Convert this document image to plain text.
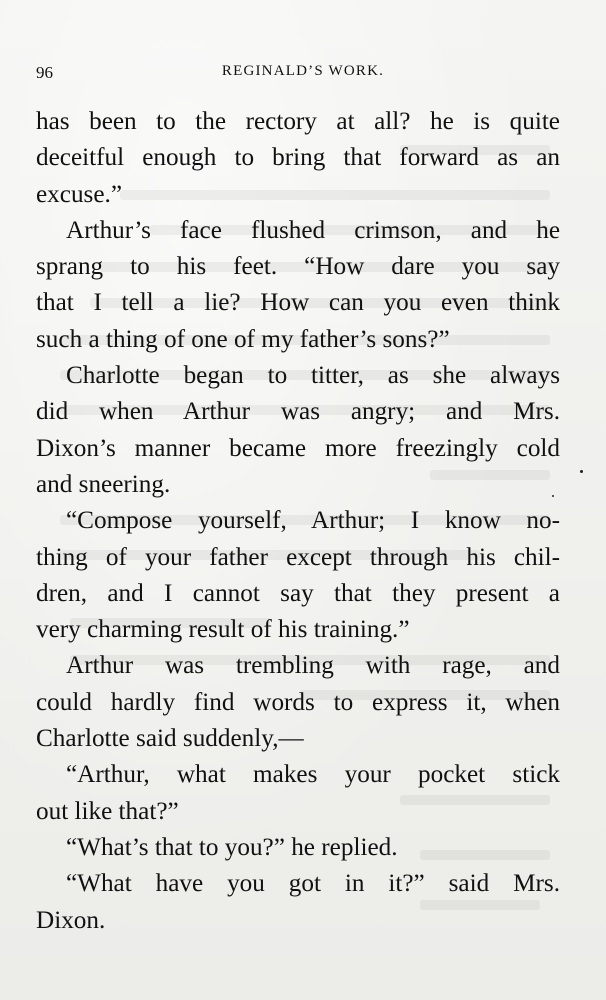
96	REGINALD’S WORK.
has been to the rectory at all? he is quite
deceitful enough to bring that forward as an
excuse.”
Arthur’s face flushed crimson, and he
sprang to his feet. “How dare you say
that I tell a lie? How can you even think
such a thing of one of my father’s sons?”
Charlotte began to titter, as she always
did when Arthur was angry; and Mrs.
Dixon’s manner became more freezingly cold
and sneering.
“Compose yourself, Arthur; I know no-
thing of your father except through his chil-
dren, and I cannot say that they present a
very charming result of his training.”
Arthur was trembling with rage, and
could hardly find words to express it, when
Charlotte said suddenly,—
“Arthur, what makes your pocket stick
out like that?”
“What’s that to you?” he replied.
“What have you got in it?” said Mrs.
Dixon.
